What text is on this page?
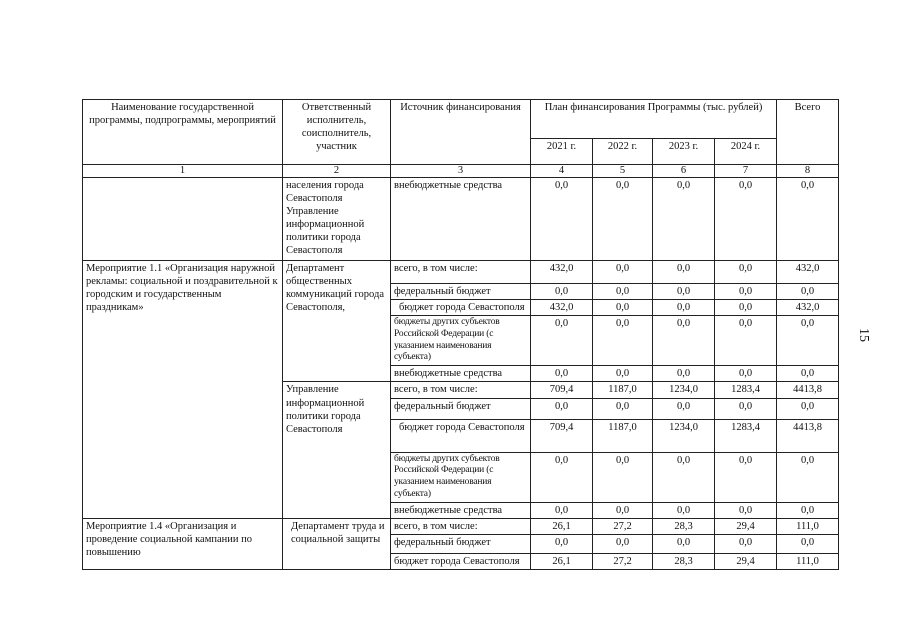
15
Наименование государственной программы, подпрограммы, мероприятий	Ответственный исполнитель, соисполнитель, участник	Источник финансирования	План финансирования Программы (тыс. рублей)				Всего
			2021 г.	2022 г.	2023 г.	2024 г.	
1	2	3	4	5	6	7	8
	населения города Севастополя Управление информационной политики города Севастополя	внебюджетные средства	0,0	0,0	0,0	0,0	0,0
Мероприятие 1.1 «Организация наружной рекламы: социальной и поздравительной к городским и государственным праздникам»	Департамент общественных коммуникаций города Севастополя,	всего, в том числе:	432,0	0,0	0,0	0,0	432,0
		федеральный бюджет	0,0	0,0	0,0	0,0	0,0
		бюджет города Севастополя	432,0	0,0	0,0	0,0	432,0
		бюджеты других субъектов Российской Федерации (с указанием наименования субъекта)	0,0	0,0	0,0	0,0	0,0
		внебюджетные средства	0,0	0,0	0,0	0,0	0,0
	Управление информационной политики города Севастополя	всего, в том числе:	709,4	1187,0	1234,0	1283,4	4413,8
		федеральный бюджет	0,0	0,0	0,0	0,0	0,0
		бюджет города Севастополя	709,4	1187,0	1234,0	1283,4	4413,8
		бюджеты других субъектов Российской Федерации (с указанием наименования субъекта)	0,0	0,0	0,0	0,0	0,0
		внебюджетные средства	0,0	0,0	0,0	0,0	0,0
Мероприятие 1.4 «Организация и проведение социальной кампании по повышению	Департамент труда и социальной защиты	всего, в том числе:	26,1	27,2	28,3	29,4	111,0
		федеральный бюджет	0,0	0,0	0,0	0,0	0,0
		бюджет города Севастополя	26,1	27,2	28,3	29,4	111,0
